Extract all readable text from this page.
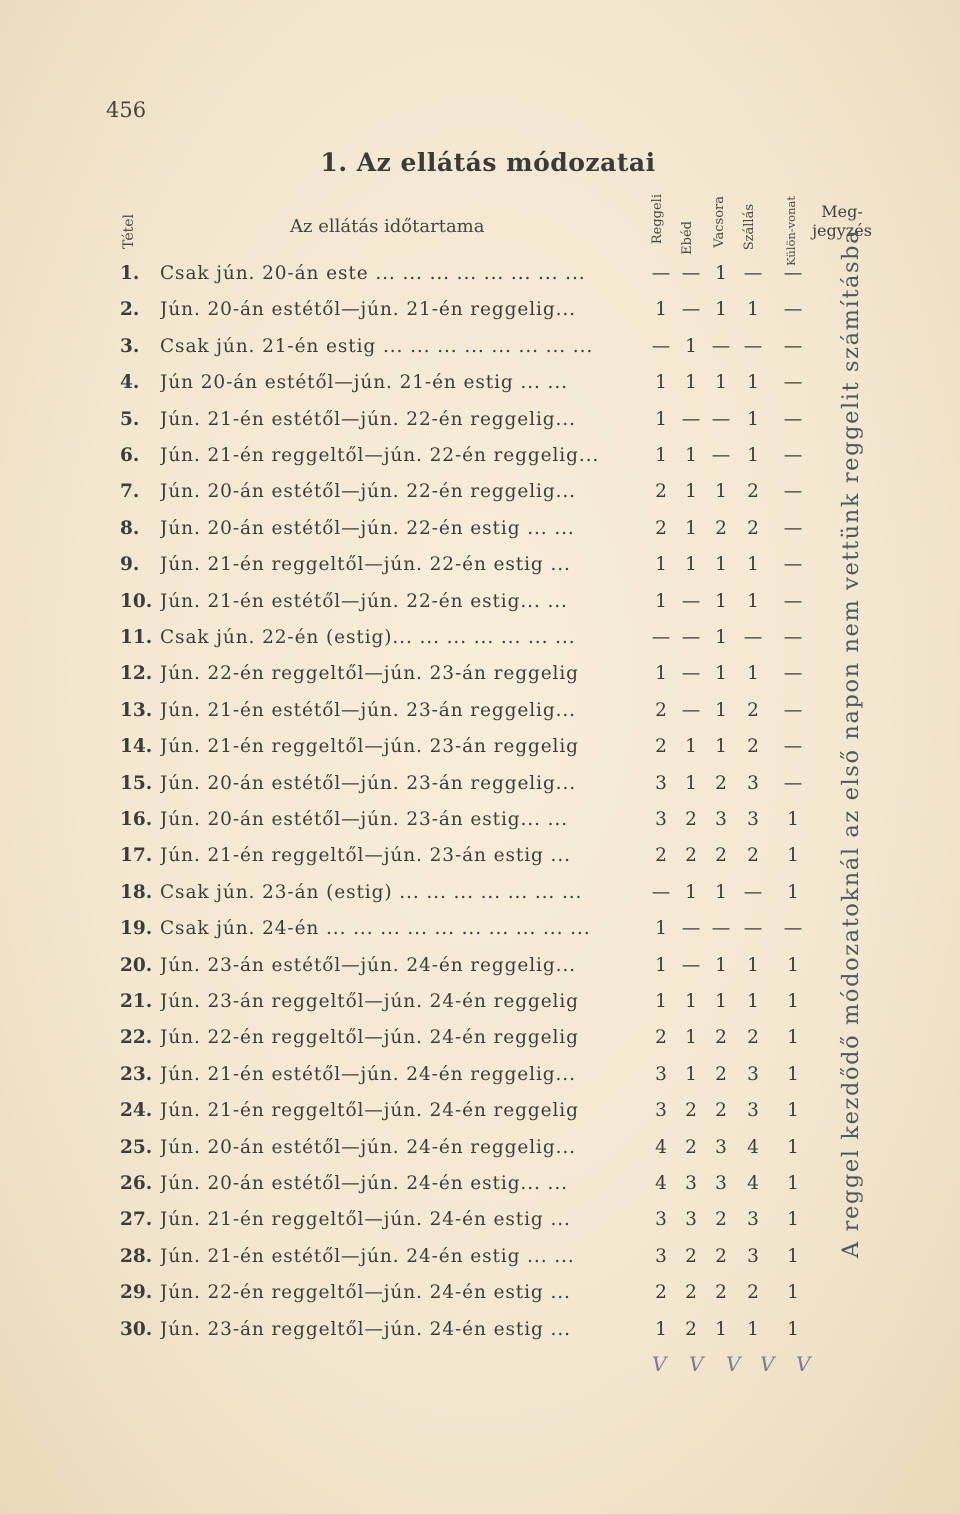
456
1. Az ellátás módozatai
Tétel	Az ellátás időtartama	Reggeli Ebéd Vacsora Szállás Külön-vonat	Meg-jegyzés
A reggel kezdődő módozatoknál az első napon nem vettünk reggelit számításba
1. Csak jún. 20-án este ... ... ... ... ... ... ... ...	— — 1 — —
2. Jún. 20-án estétől—jún. 21-én reggelig...	1 — 1	1	—
3. Csak jún. 21-én estig ... ... ... ... ... ... ... ...	— 1 — — —
4. Jún 20-án estétől—jún. 21-én estig ... ...	1 1 1	1	—
5. Jún. 21-én estétől—jún. 22-én reggelig...	1 — — 1	—
6. Jún. 21-én reggeltől—jún. 22-én reggelig...	1 1 — 1	—
7. Jún. 20-án estétől—jún. 22-én reggelig...	2 1 1	2	—
8. Jún. 20-án estétől—jún. 22-én estig ... ...	2 1 2	2	—
9. Jún. 21-én reggeltől—jún. 22-én estig ...	1 1 1	1	—
10. Jún. 21-én estétől—jún. 22-én estig... ...	1 — 1	1	—
11. Csak jún. 22-én (estig)... ... ... ... ... ... ...	— — 1 — —
12. Jún. 22-én reggeltől—jún. 23-án reggelig	1 — 1	1	—
13. Jún. 21-én estétől—jún. 23-án reggelig...	2 — 1	2	—
14. Jún. 21-én reggeltől—jún. 23-án reggelig	2 1 1	2	—
15. Jún. 20-án estétől—jún. 23-án reggelig...	3 1 2	3	—
16. Jún. 20-án estétől—jún. 23-án estig... ...	3 2 3	3	1
17. Jún. 21-én reggeltől—jún. 23-án estig ...	2 2 2	2	1
18. Csak jún. 23-án (estig) ... ... ... ... ... ... ...	— 1 1 —	1
19. Csak jún. 24-én ... ... ... ... ... ... ... ... ... ...	1 — — — —
20. Jún. 23-án estétől—jún. 24-én reggelig...	1 — 1	1	1
21. Jún. 23-án reggeltől—jún. 24-én reggelig	1 1 1	1	1
22. Jún. 22-én reggeltől—jún. 24-én reggelig	2 1 2	2	1
23. Jún. 21-én estétől—jún. 24-én reggelig...	3 1 2	3	1
24. Jún. 21-én reggeltől—jún. 24-én reggelig	3 2 2	3	1
25. Jún. 20-án estétől—jún. 24-én reggelig...	4 2 3	4	1
26. Jún. 20-án estétől—jún. 24-én estig... ...	4 3 3	4	1
27. Jún. 21-én reggeltől—jún. 24-én estig ...	3 3 2	3	1
28. Jún. 21-én estétől—jún. 24-én estig ... ...	3 2 2	3	1
29. Jún. 22-én reggeltől—jún. 24-én estig ...	2 2 2	2	1
30. Jún. 23-án reggeltől—jún. 24-én estig ...	1 2 1	1	1
V V V V V
